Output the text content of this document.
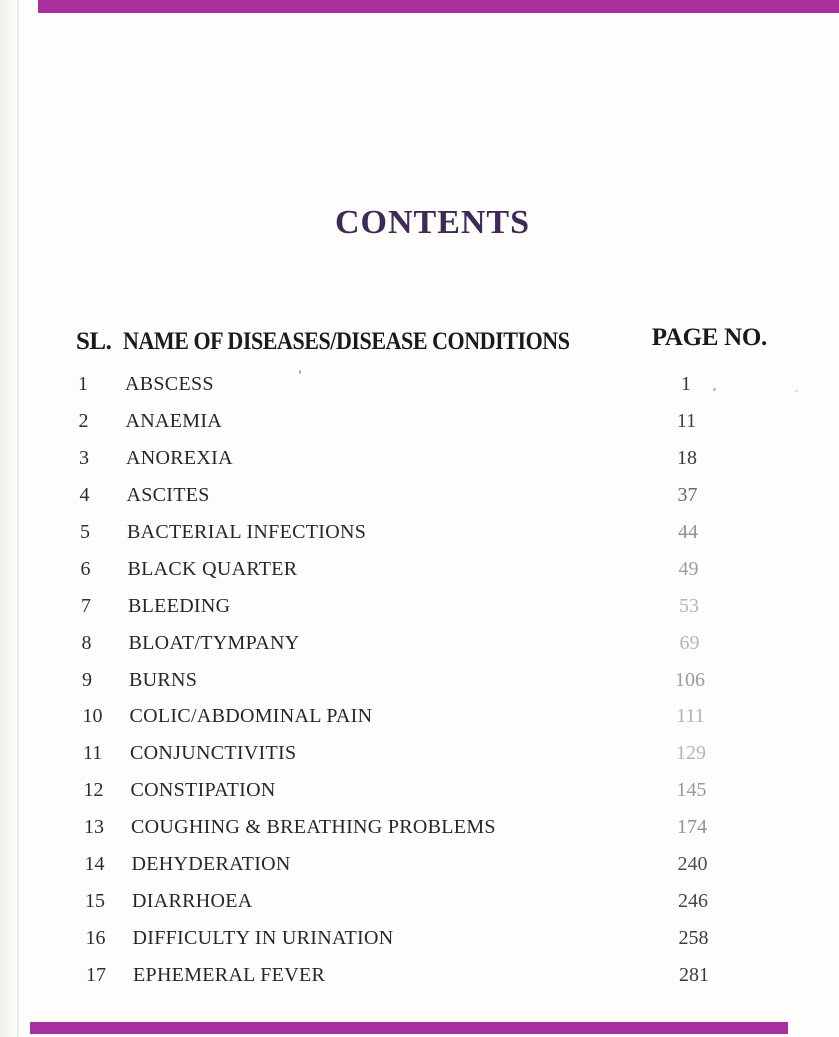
CONTENTS
SL. NAME OF DISEASES/DISEASE CONDITIONS	PAGE NO.
1 ABSCESS	1
2 ANAEMIA	11
3 ANOREXIA	18
4 ASCITES	37
5 BACTERIAL INFECTIONS	44
6 BLACK QUARTER	49
7 BLEEDING	53
8 BLOAT/TYMPANY	69
9 BURNS	106
10 COLIC/ABDOMINAL PAIN	111
11 CONJUNCTIVITIS	129
12 CONSTIPATION	145
13 COUGHING & BREATHING PROBLEMS	174
14 DEHYDERATION	240
15 DIARRHOEA	246
16 DIFFICULTY IN URINATION	258
17 EPHEMERAL FEVER	281
